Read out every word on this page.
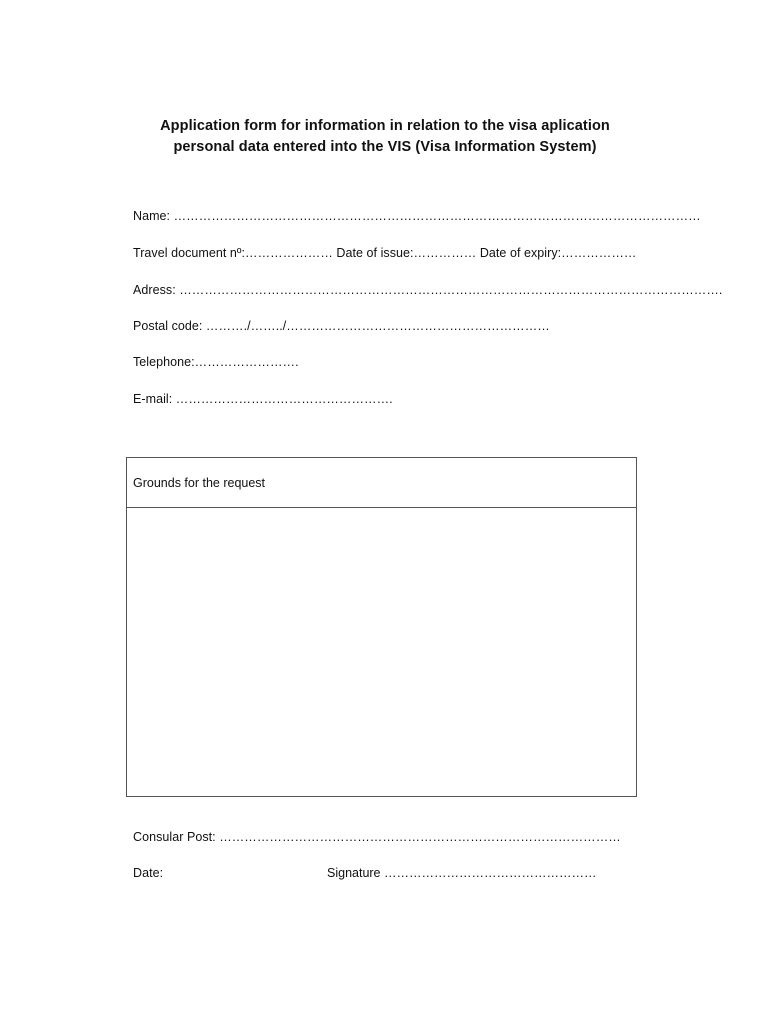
Application form for information in relation to the visa aplication
personal data entered into the VIS (Visa Information System)
Name: ………………………………………………………………………………………………………………
Travel document nº:………………… Date of issue:…………… Date of expiry:………………
Adress: ………………………………………………………………………………………………………………….
Postal code: ………./……../………………………………………………………
Telephone:…………………….
E-mail: …………………………………………….
Grounds for the request
Consular Post: ……………………………………………………………………………………
Date:	Signature ……………………………………………
